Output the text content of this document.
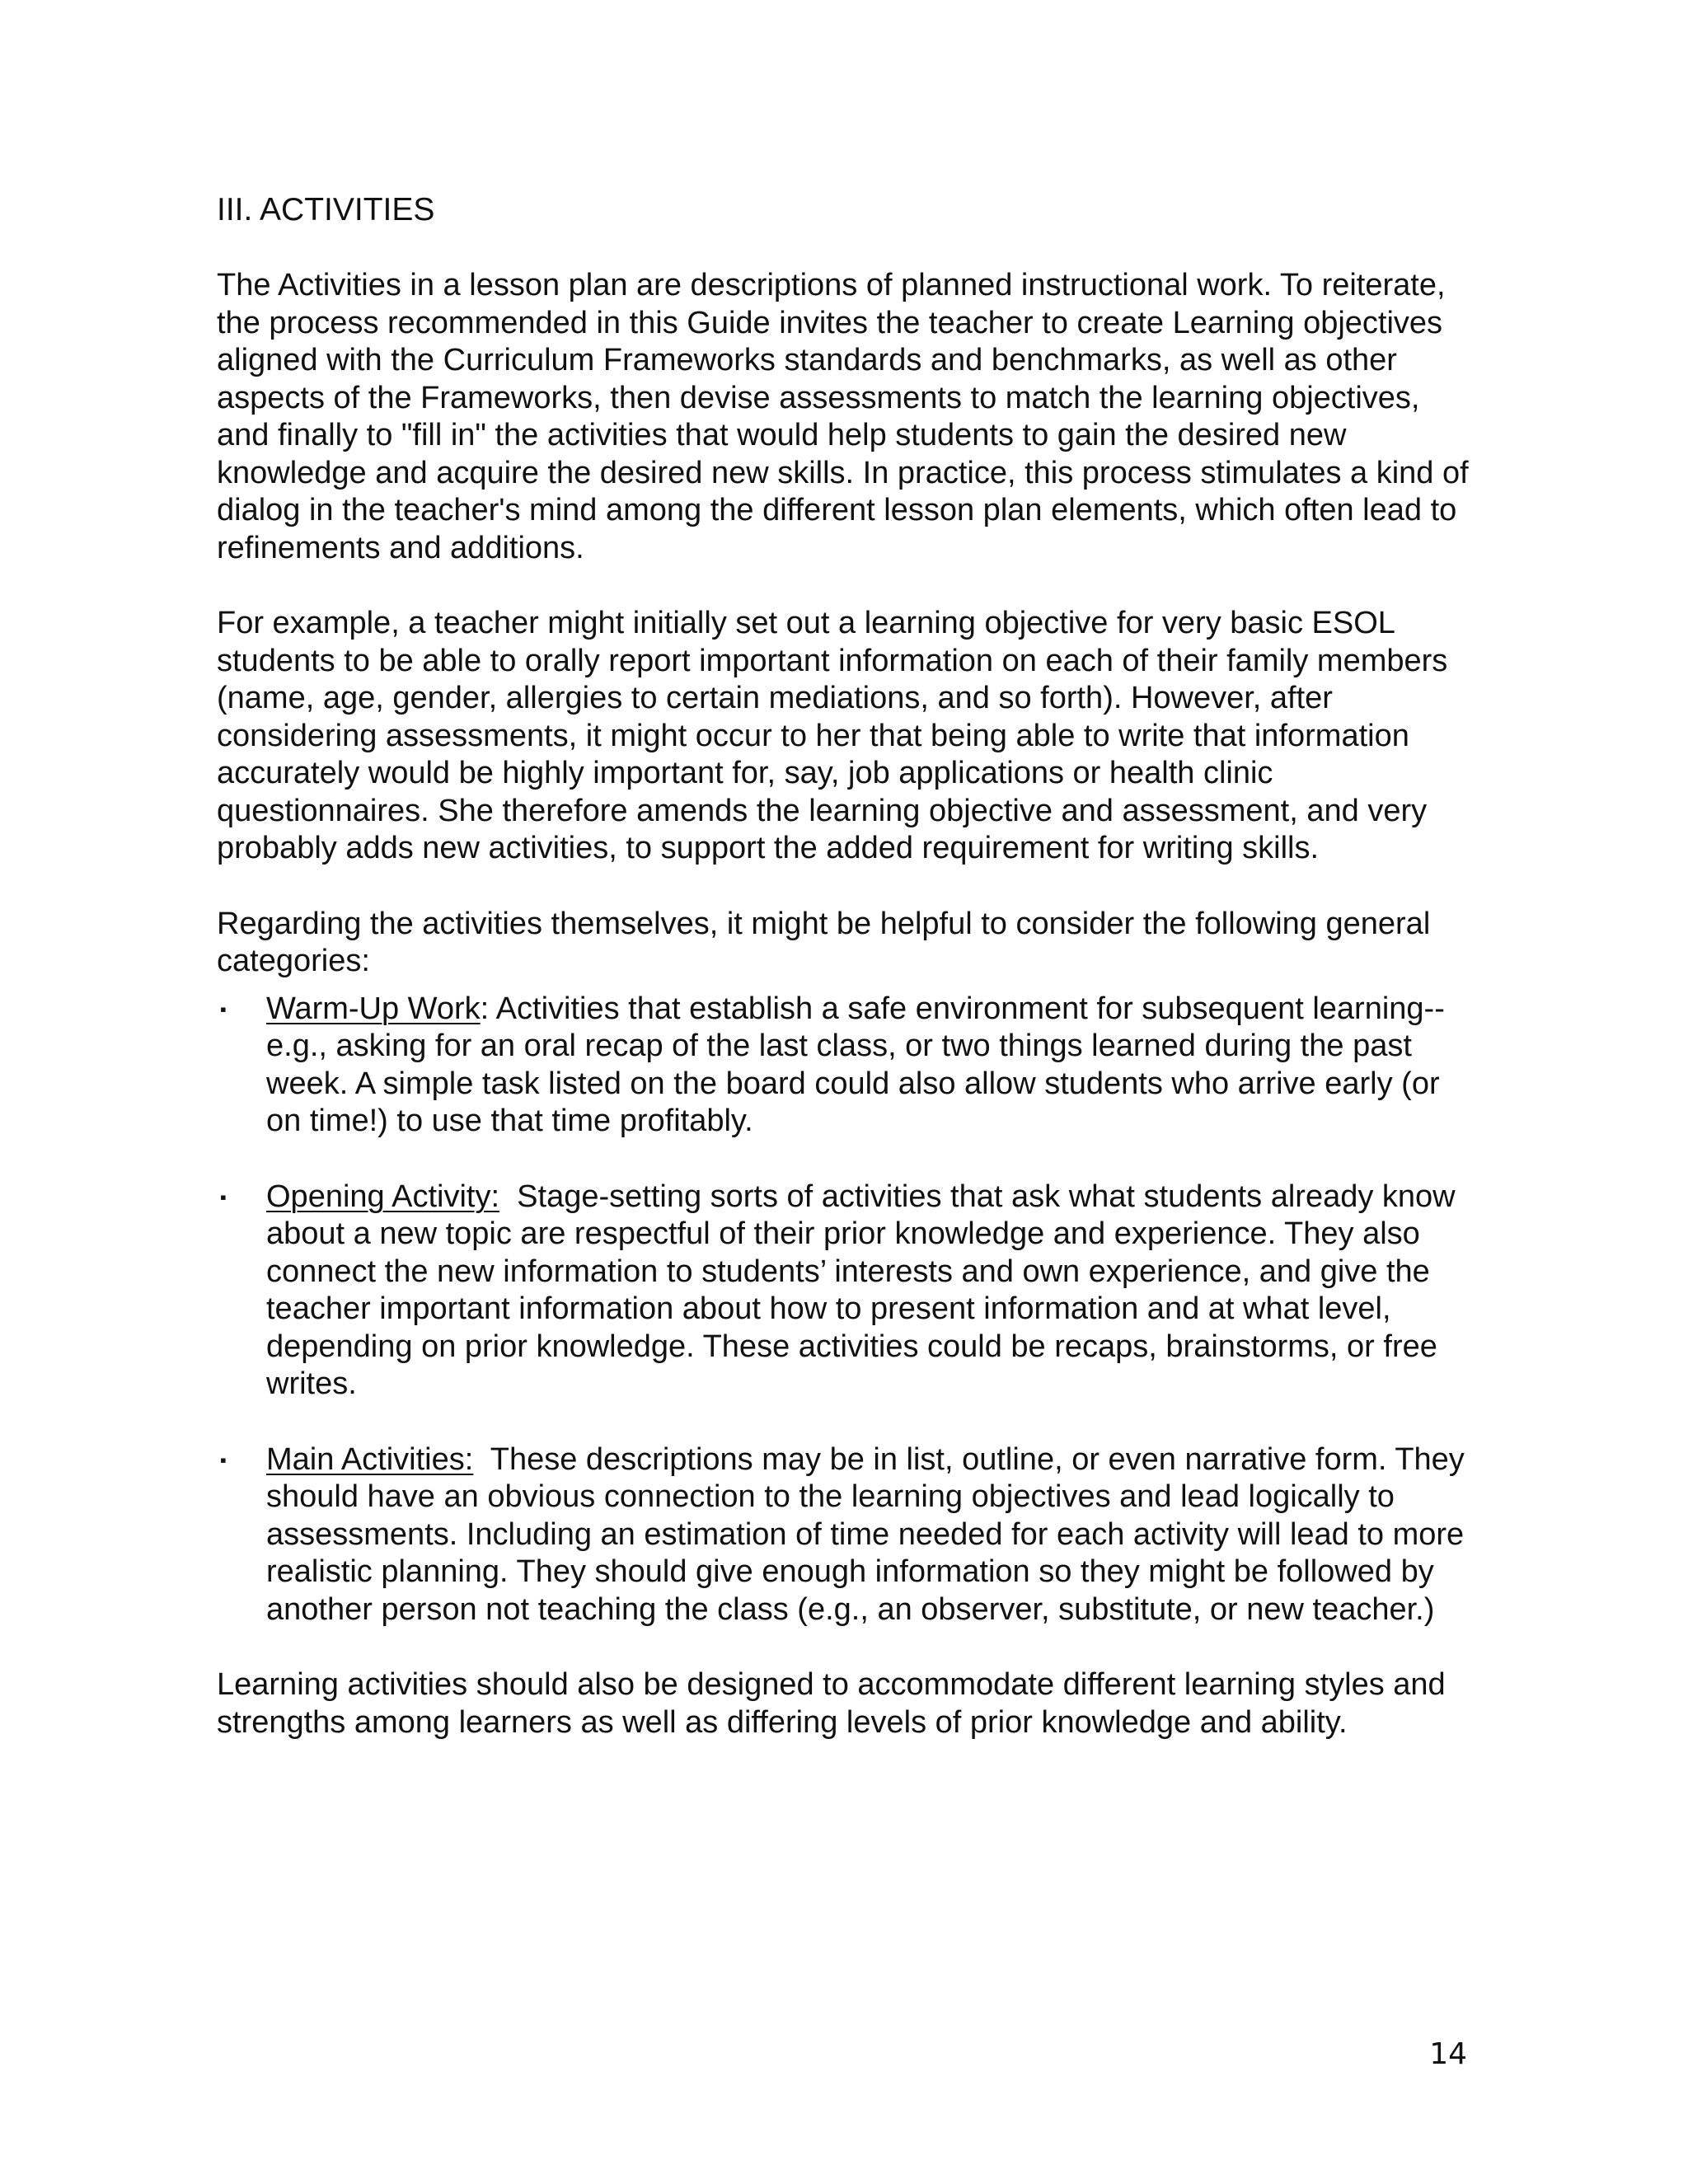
III. ACTIVITIES

The Activities in a lesson plan are descriptions of planned instructional work. To reiterate, the process recommended in this Guide invites the teacher to create Learning objectives aligned with the Curriculum Frameworks standards and benchmarks, as well as other aspects of the Frameworks, then devise assessments to match the learning objectives, and finally to "fill in" the activities that would help students to gain the desired new knowledge and acquire the desired new skills. In practice, this process stimulates a kind of dialog in the teacher's mind among the different lesson plan elements, which often lead to refinements and additions.

For example, a teacher might initially set out a learning objective for very basic ESOL students to be able to orally report important information on each of their family members (name, age, gender, allergies to certain mediations, and so forth). However, after considering assessments, it might occur to her that being able to write that information accurately would be highly important for, say, job applications or health clinic questionnaires. She therefore amends the learning objective and assessment, and very probably adds new activities, to support the added requirement for writing skills.

Regarding the activities themselves, it might be helpful to consider the following general categories:

▪ Warm-Up Work: Activities that establish a safe environment for subsequent learning--e.g., asking for an oral recap of the last class, or two things learned during the past week. A simple task listed on the board could also allow students who arrive early (or on time!) to use that time profitably.
▪ Opening Activity:  Stage-setting sorts of activities that ask what students already know about a new topic are respectful of their prior knowledge and experience. They also connect the new information to students’ interests and own experience, and give the teacher important information about how to present information and at what level, depending on prior knowledge. These activities could be recaps, brainstorms, or free writes.
▪ Main Activities:  These descriptions may be in list, outline, or even narrative form. They should have an obvious connection to the learning objectives and lead logically to assessments. Including an estimation of time needed for each activity will lead to more realistic planning. They should give enough information so they might be followed by another person not teaching the class (e.g., an observer, substitute, or new teacher.)

Learning activities should also be designed to accommodate different learning styles and strengths among learners as well as differing levels of prior knowledge and ability.

14
